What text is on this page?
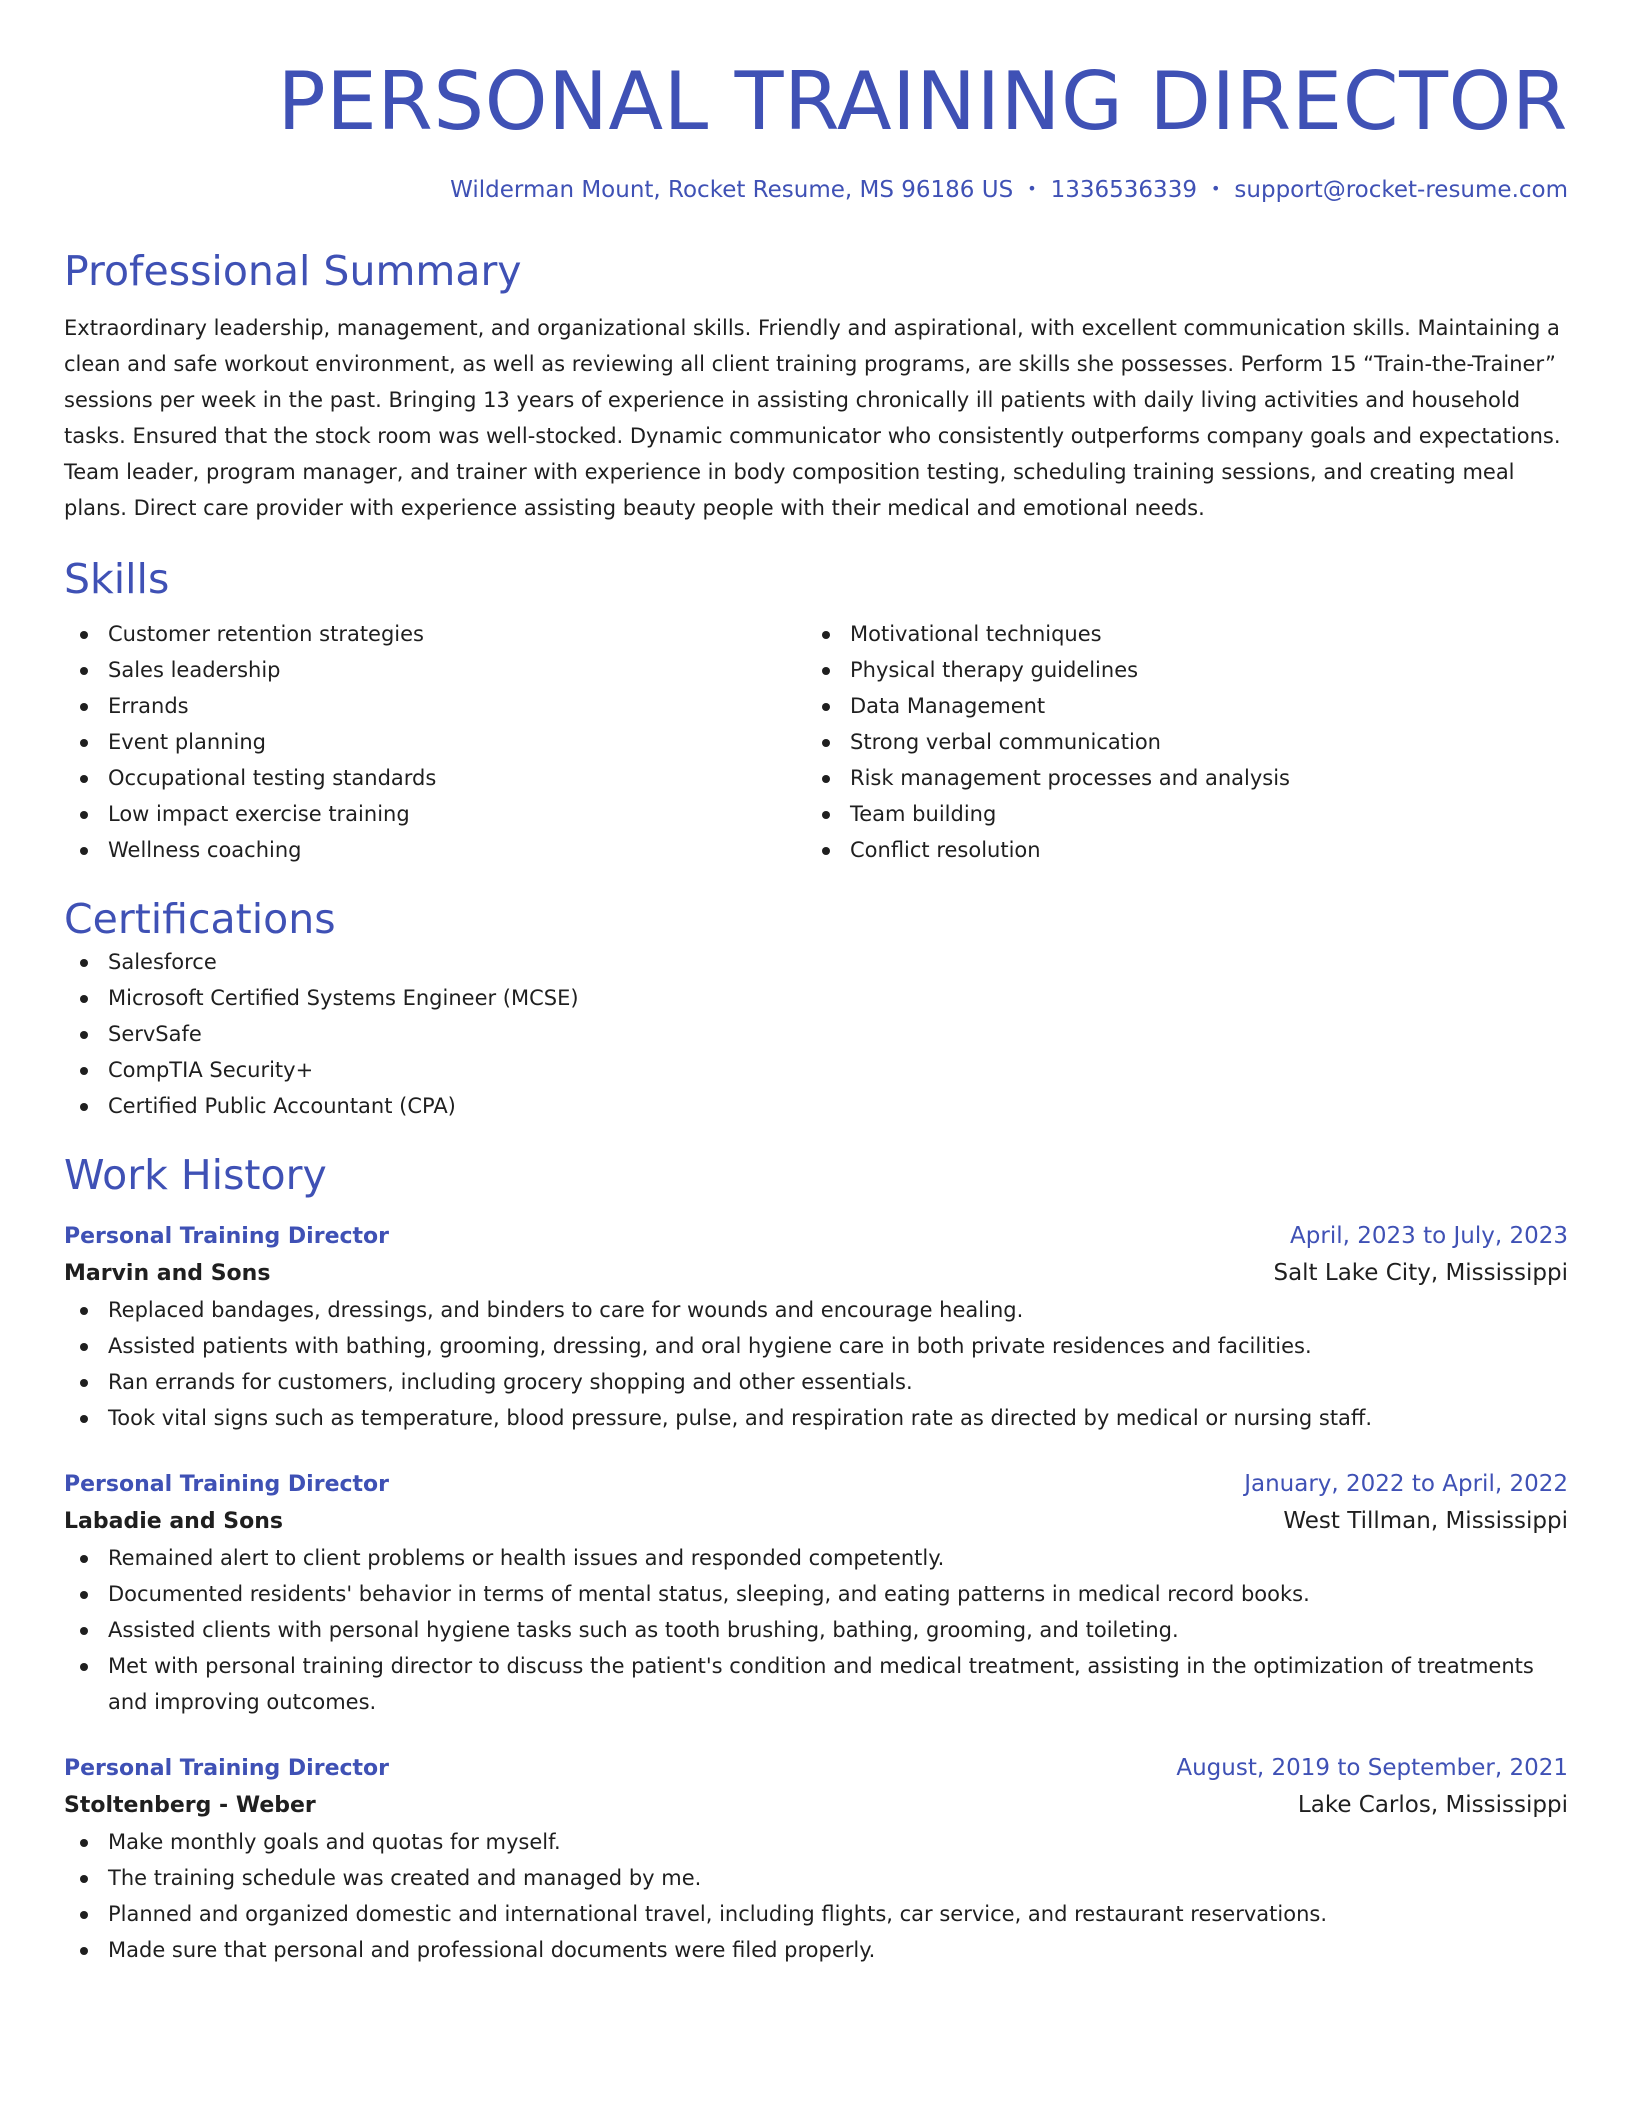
PERSONAL TRAINING DIRECTOR
Wilderman Mount, Rocket Resume, MS 96186 US • 1336536339 • support@rocket-resume.com
Professional Summary
Extraordinary leadership, management, and organizational skills. Friendly and aspirational, with excellent communication skills. Maintaining a clean and safe workout environment, as well as reviewing all client training programs, are skills she possesses. Perform 15 “Train-the-Trainer” sessions per week in the past. Bringing 13 years of experience in assisting chronically ill patients with daily living activities and household tasks. Ensured that the stock room was well-stocked. Dynamic communicator who consistently outperforms company goals and expectations. Team leader, program manager, and trainer with experience in body composition testing, scheduling training sessions, and creating meal plans. Direct care provider with experience assisting beauty people with their medical and emotional needs.
Skills
Customer retention strategies
Sales leadership
Errands
Event planning
Occupational testing standards
Low impact exercise training
Wellness coaching
Motivational techniques
Physical therapy guidelines
Data Management
Strong verbal communication
Risk management processes and analysis
Team building
Conflict resolution
Certifications
Salesforce
Microsoft Certified Systems Engineer (MCSE)
ServSafe
CompTIA Security+
Certified Public Accountant (CPA)
Work History
Personal Training Director	April, 2023 to July, 2023
Marvin and Sons	Salt Lake City, Mississippi
Replaced bandages, dressings, and binders to care for wounds and encourage healing.
Assisted patients with bathing, grooming, dressing, and oral hygiene care in both private residences and facilities.
Ran errands for customers, including grocery shopping and other essentials.
Took vital signs such as temperature, blood pressure, pulse, and respiration rate as directed by medical or nursing staff.
Personal Training Director	January, 2022 to April, 2022
Labadie and Sons	West Tillman, Mississippi
Remained alert to client problems or health issues and responded competently.
Documented residents' behavior in terms of mental status, sleeping, and eating patterns in medical record books.
Assisted clients with personal hygiene tasks such as tooth brushing, bathing, grooming, and toileting.
Met with personal training director to discuss the patient's condition and medical treatment, assisting in the optimization of treatments and improving outcomes.
Personal Training Director	August, 2019 to September, 2021
Stoltenberg - Weber	Lake Carlos, Mississippi
Make monthly goals and quotas for myself.
The training schedule was created and managed by me.
Planned and organized domestic and international travel, including flights, car service, and restaurant reservations.
Made sure that personal and professional documents were filed properly.
